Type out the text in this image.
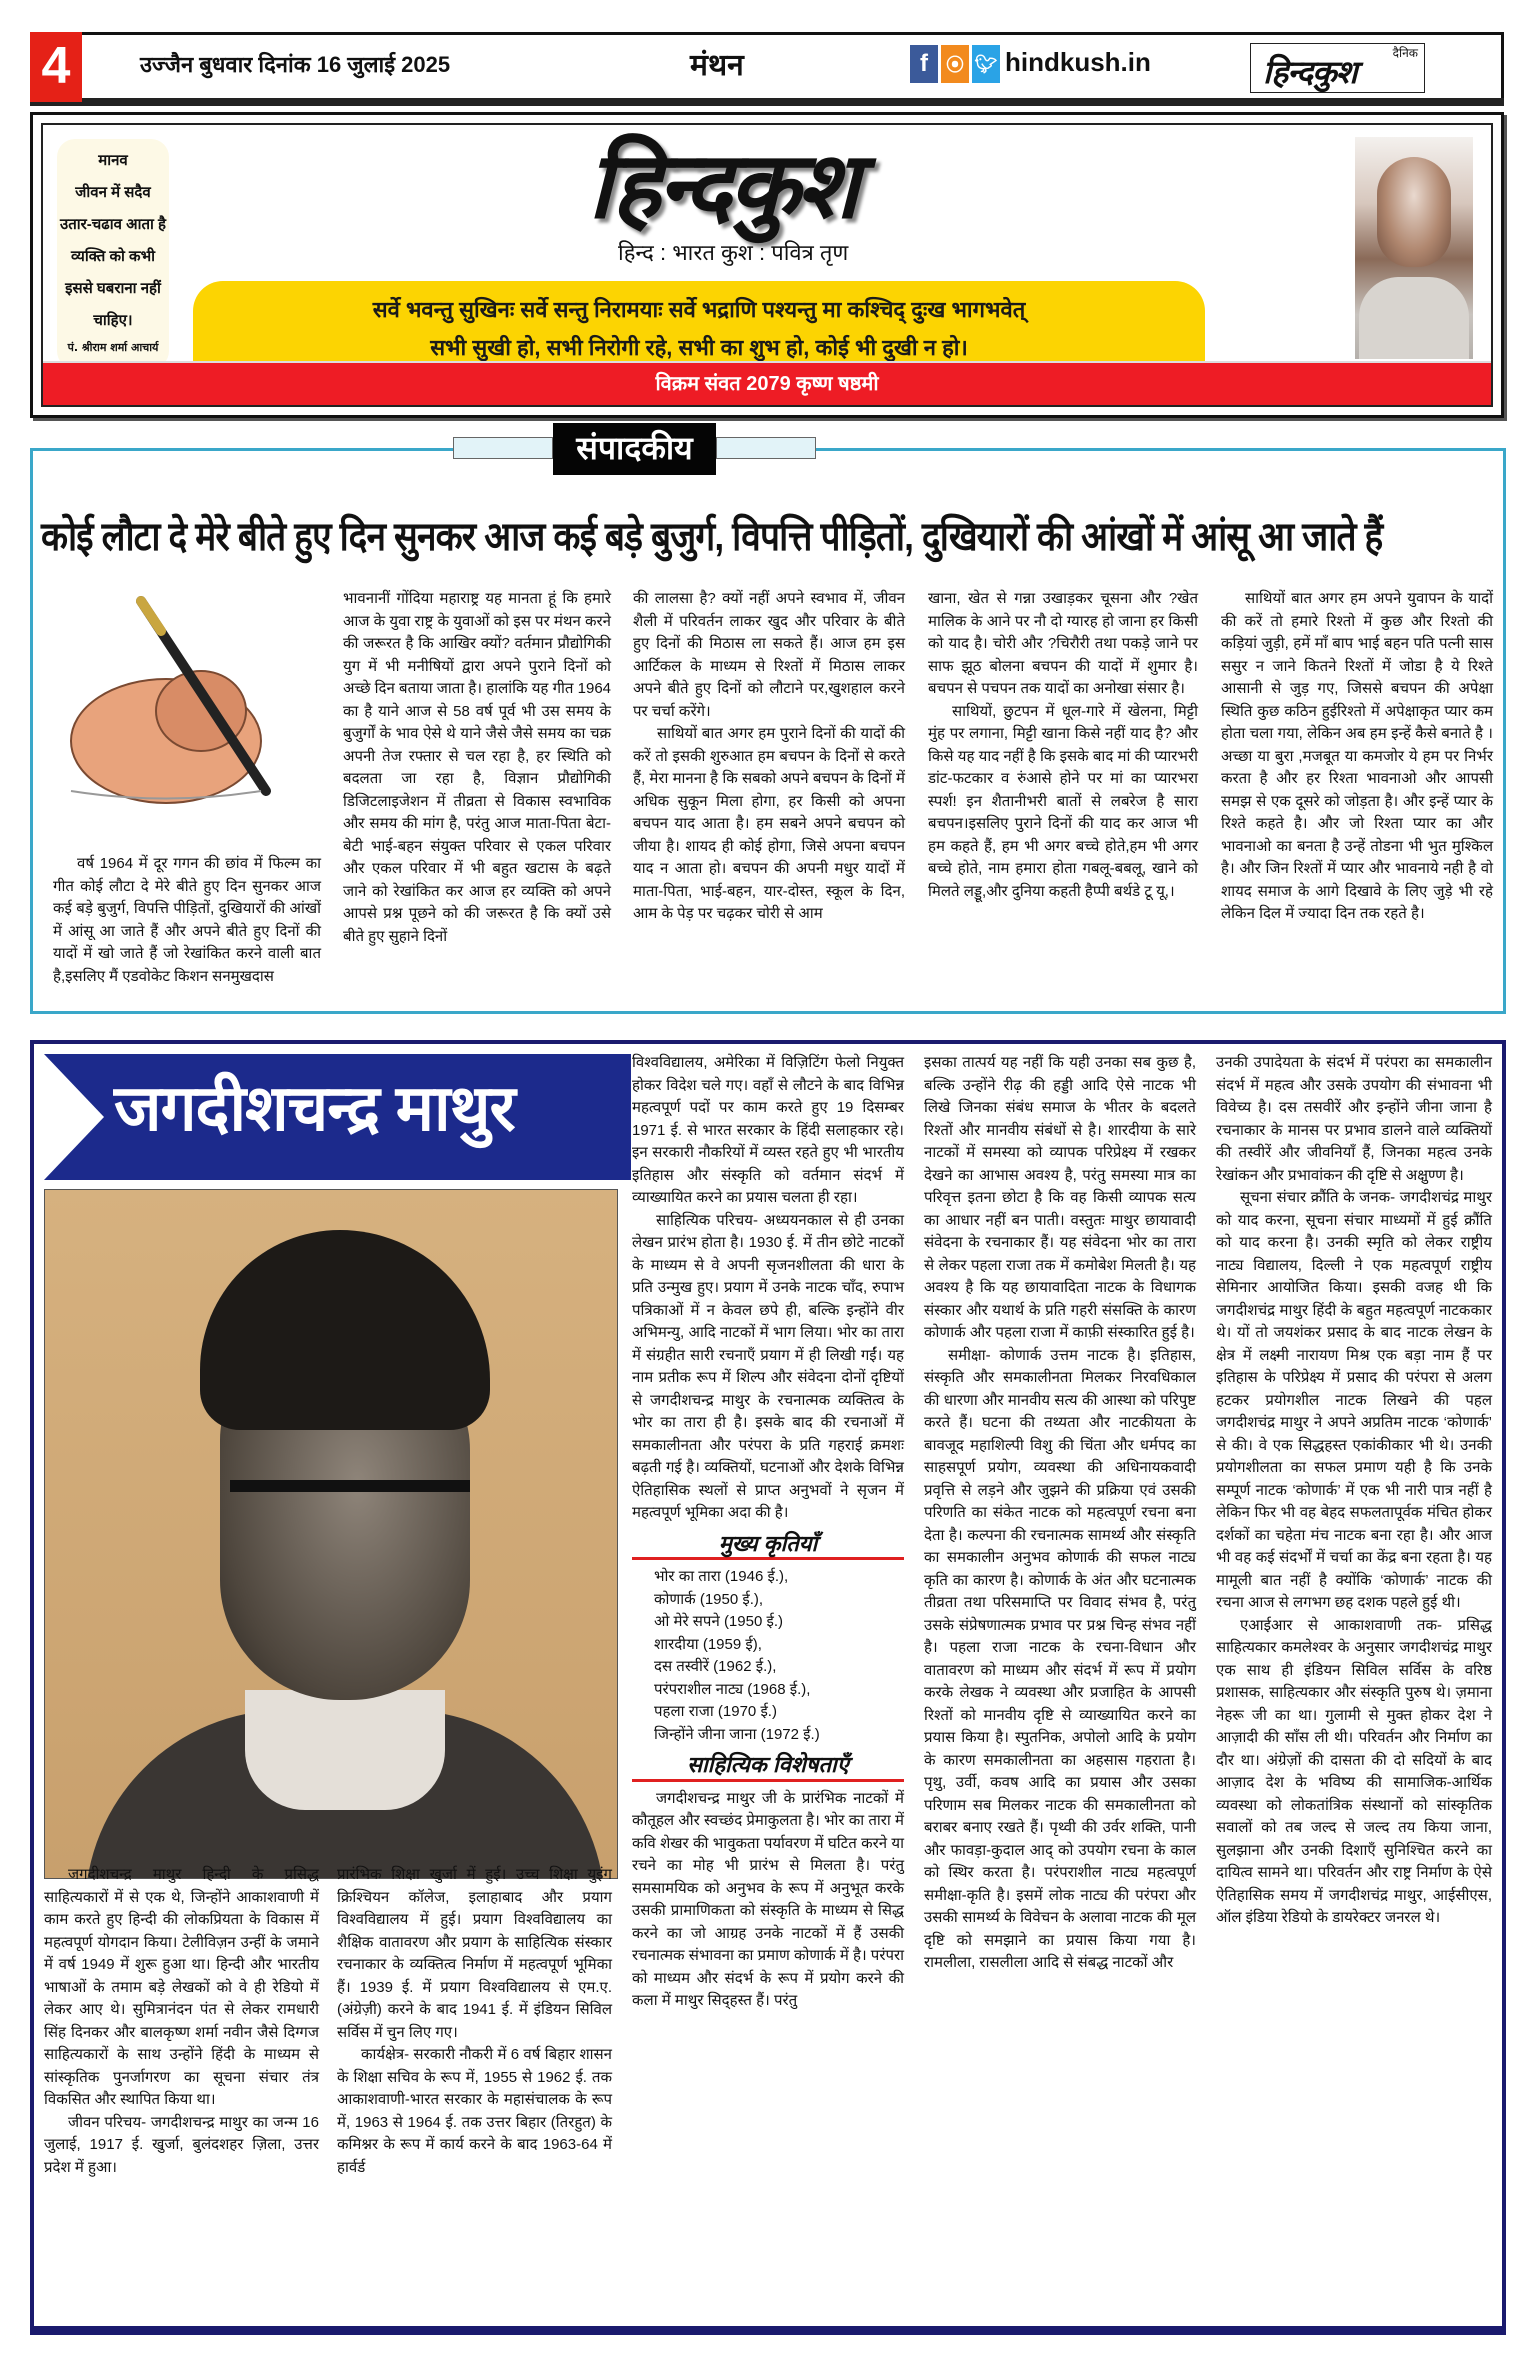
4	उज्जैन बुधवार दिनांक 16 जुलाई 2025	मंथन	f	⦿ 🐦︎ hindkush.in	दैनिक
हिन्दकुश
मानव
जीवन में सदैव
उतार-चढाव आता है
व्यक्ति को कभी
इससे घबराना नहीं
चाहिए।
पं. श्रीराम शर्मा आचार्य
हिन्दकुश
हिन्द : भारत कुश : पवित्र तृण
सर्वे भवन्तु सुखिनः सर्वे सन्तु निरामयाः सर्वे भद्राणि पश्यन्तु मा कश्चिद् दुःख भागभवेत्
सभी सुखी हो, सभी निरोगी रहे, सभी का शुभ हो, कोई भी दुखी न हो।
विक्रम संवत 2079 कृष्ण षष्ठमी
संपादकीय
कोई लौटा दे मेरे बीते हुए दिन सुनकर आज कई बड़े बुजुर्ग, विपत्ति पीड़ितों, दुखियारों की आंखों में आंसू आ जाते हैं

वर्ष 1964 में दूर गगन की छांव में फिल्म का गीत कोई लौटा दे मेरे बीते हुए दिन सुनकर आज कई बड़े बुजुर्ग, विपत्ति पीड़ितों, दुखियारों की आंखों में आंसू आ जाते हैं और अपने बीते हुए दिनों की यादों में खो जाते हैं जो रेखांकित करने वाली बात है,इसलिए मैं एडवोकेट किशन सनमुखदास

भावनानीं गोंदिया महाराष्ट्र यह मानता हूं कि हमारे आज के युवा राष्ट्र के युवाओं को इस पर मंथन करने की जरूरत है कि आखिर क्यों? वर्तमान प्रौद्योगिकी युग में भी मनीषियों द्वारा अपने पुराने दिनों को अच्छे दिन बताया जाता है। हालांकि यह गीत 1964 का है याने आज से 58 वर्ष पूर्व भी उस समय के बुजुर्गों के भाव ऐसे थे याने जैसे जैसे समय का चक्र अपनी तेज रफ्तार से चल रहा है, हर स्थिति को बदलता जा रहा है, विज्ञान प्रौद्योगिकी डिजिटलाइजेशन में तीव्रता से विकास स्वभाविक और समय की मांग है, परंतु आज माता-पिता बेटा-बेटी भाई-बहन संयुक्त परिवार से एकल परिवार और एकल परिवार में भी बहुत खटास के बढ़ते जाने को रेखांकित कर आज हर व्यक्ति को अपने आपसे प्रश्न पूछने को की जरूरत है कि क्यों उसे बीते हुए सुहाने दिनों

की लालसा है? क्यों नहीं अपने स्वभाव में, जीवन शैली में परिवर्तन लाकर खुद और परिवार के बीते हुए दिनों की मिठास ला सकते हैं। आज हम इस आर्टिकल के माध्यम से रिश्तों में मिठास लाकर अपने बीते हुए दिनों को लौटाने पर,खुशहाल करने पर चर्चा करेंगे।

साथियों बात अगर हम पुराने दिनों की यादों की करें तो इसकी शुरुआत हम बचपन के दिनों से करते हैं, मेरा मानना है कि सबको अपने बचपन के दिनों में अधिक सुकून मिला होगा, हर किसी को अपना बचपन याद आता है। हम सबने अपने बचपन को जीया है। शायद ही कोई होगा, जिसे अपना बचपन याद न आता हो। बचपन की अपनी मधुर यादों में माता-पिता, भाई-बहन, यार-दोस्त, स्कूल के दिन, आम के पेड़ पर चढ़कर चोरी से आम

खाना, खेत से गन्ना उखाड़कर चूसना और ?खेत मालिक के आने पर नौ दो ग्यारह हो जाना हर किसी को याद है। चोरी और ?चिरौरी तथा पकड़े जाने पर साफ झूठ बोलना बचपन की यादों में शुमार है। बचपन से पचपन तक यादों का अनोखा संसार है।

साथियों, छुटपन में धूल-गारे में खेलना, मिट्टी मुंह पर लगाना, मिट्टी खाना किसे नहीं याद है? और किसे यह याद नहीं है कि इसके बाद मां की प्यारभरी डांट-फटकार व रुंआसे होने पर मां का प्यारभरा स्पर्श! इन शैतानीभरी बातों से लबरेज है सारा बचपन।इसलिए पुराने दिनों की याद कर आज भी हम कहते हैं, हम भी अगर बच्चे होते,हम भी अगर बच्चे होते, नाम हमारा होता गबलू-बबलू, खाने को मिलते लड्डू,और दुनिया कहती हैप्पी बर्थडे टू यू,।

साथियों बात अगर हम अपने युवापन के यादों की करें तो हमारे रिश्तो में कुछ और रिश्तो की कड़ियां जुड़ी, हमें माँ बाप भाई बहन पति पत्नी सास ससुर न जाने कितने रिश्तों में जोडा है ये रिश्ते आसानी से जुड़ गए, जिससे बचपन की अपेक्षा स्थिति कुछ कठिन हुईरिश्तो में अपेक्षाकृत प्यार कम होता चला गया, लेकिन अब हम इन्हें कैसे बनाते है ।अच्छा या बुरा ,मजबूत या कमजोर ये हम पर निर्भर करता है और हर रिश्ता भावनाओ और आपसी समझ से एक दूसरे को जोड़ता है। और इन्हें प्यार के रिश्ते कहते है। और जो रिश्ता प्यार का और भावनाओ का बनता है उन्हें तोडना भी भुत मुश्किल है। और जिन रिश्तों में प्यार और भावनाये नही है वो शायद समाज के आगे दिखावे के लिए जुड़े भी रहे लेकिन दिल में ज्यादा दिन तक रहते है।

जगदीशचन्द्र माथुर

जगदीशचन्द्र माथुर हिन्दी के प्रसिद्ध साहित्यकारों में से एक थे, जिन्होंने आकाशवाणी में काम करते हुए हिन्दी की लोकप्रियता के विकास में महत्वपूर्ण योगदान किया। टेलीविज़न उन्हीं के जमाने में वर्ष 1949 में शुरू हुआ था। हिन्दी और भारतीय भाषाओं के तमाम बड़े लेखकों को वे ही रेडियो में लेकर आए थे। सुमित्रानंदन पंत से लेकर रामधारी सिंह दिनकर और बालकृष्ण शर्मा नवीन जैसे दिग्गज साहित्यकारों के साथ उन्होंने हिंदी के माध्यम से सांस्कृतिक पुनर्जागरण का सूचना संचार तंत्र विकसित और स्थापित किया था।

जीवन परिचय- जगदीशचन्द्र माथुर का जन्म 16 जुलाई, 1917 ई. खुर्जा, बुलंदशहर ज़िला, उत्तर प्रदेश में हुआ।

प्रारंभिक शिक्षा खुर्जा में हुई। उच्च शिक्षा युइंग क्रिश्चियन कॉलेज, इलाहाबाद और प्रयाग विश्वविद्यालय में हुई। प्रयाग विश्वविद्यालय का शैक्षिक वातावरण और प्रयाग के साहित्यिक संस्कार रचनाकार के व्यक्तित्व निर्माण में महत्वपूर्ण भूमिका हैं। 1939 ई. में प्रयाग विश्वविद्यालय से एम.ए. (अंग्रेज़ी) करने के बाद 1941 ई. में इंडियन सिविल सर्विस में चुन लिए गए।

कार्यक्षेत्र- सरकारी नौकरी में 6 वर्ष बिहार शासन के शिक्षा सचिव के रूप में, 1955 से 1962 ई. तक आकाशवाणी-भारत सरकार के महासंचालक के रूप में, 1963 से 1964 ई. तक उत्तर बिहार (तिरहुत) के कमिश्नर के रूप में कार्य करने के बाद 1963-64 में हार्वर्ड

विश्वविद्यालय, अमेरिका में विज़िटिंग फेलो नियुक्त होकर विदेश चले गए। वहाँ से लौटने के बाद विभिन्न महत्वपूर्ण पदों पर काम करते हुए 19 दिसम्बर 1971 ई. से भारत सरकार के हिंदी सलाहकार रहे। इन सरकारी नौकरियों में व्यस्त रहते हुए भी भारतीय इतिहास और संस्कृति को वर्तमान संदर्भ में व्याख्यायित करने का प्रयास चलता ही रहा।

साहित्यिक परिचय- अध्ययनकाल से ही उनका लेखन प्रारंभ होता है। 1930 ई. में तीन छोटे नाटकों के माध्यम से वे अपनी सृजनशीलता की धारा के प्रति उन्मुख हुए। प्रयाग में उनके नाटक चाँद, रुपाभ पत्रिकाओं में न केवल छपे ही, बल्कि इन्होंने वीर अभिमन्यु, आदि नाटकों में भाग लिया। भोर का तारा में संग्रहीत सारी रचनाएँ प्रयाग में ही लिखी गईं। यह नाम प्रतीक रूप में शिल्प और संवेदना दोनों दृष्टियों से जगदीशचन्द्र माथुर के रचनात्मक व्यक्तित्व के भोर का तारा ही है। इसके बाद की रचनाओं में समकालीनता और परंपरा के प्रति गहराई क्रमशः बढ़ती गई है। व्यक्तियों, घटनाओं और देशके विभिन्न ऐतिहासिक स्थलों से प्राप्त अनुभवों ने सृजन में महत्वपूर्ण भूमिका अदा की है।

मुख्य कृतियाँ
भोर का तारा (1946 ई.),
कोणार्क (1950 ई.),
ओ मेरे सपने (1950 ई.)
शारदीया (1959 ई),
दस तस्वीरें (1962 ई.),
परंपराशील नाट्य (1968 ई.),
पहला राजा (1970 ई.)
जिन्होंने जीना जाना (1972 ई.)
साहित्यिक विशेषताएँ

जगदीशचन्द्र माथुर जी के प्रारंभिक नाटकों में कौतूहल और स्वच्छंद प्रेमाकुलता है। भोर का तारा में कवि शेखर की भावुकता पर्यावरण में घटित करने या रचने का मोह भी प्रारंभ से मिलता है। परंतु समसामयिक को अनुभव के रूप में अनुभूत करके उसकी प्रामाणिकता को संस्कृति के माध्यम से सिद्ध करने का जो आग्रह उनके नाटकों में हैं उसकी रचनात्मक संभावना का प्रमाण कोणार्क में है। परंपरा को माध्यम और संदर्भ के रूप में प्रयोग करने की कला में माथुर सिद्हस्त हैं। परंतु

इसका तात्पर्य यह नहीं कि यही उनका सब कुछ है, बल्कि उन्होंने रीढ़ की हड्डी आदि ऐसे नाटक भी लिखे जिनका संबंध समाज के भीतर के बदलते रिश्तों और मानवीय संबंधों से है। शारदीया के सारे नाटकों में समस्या को व्यापक परिप्रेक्ष्य में रखकर देखने का आभास अवश्य है, परंतु समस्या मात्र का परिवृत्त इतना छोटा है कि वह किसी व्यापक सत्य का आधार नहीं बन पाती। वस्तुतः माथुर छायावादी संवेदना के रचनाकार हैं। यह संवेदना भोर का तारा से लेकर पहला राजा तक में कमोबेश मिलती है। यह अवश्य है कि यह छायावादिता नाटक के विधागक संस्कार और यथार्थ के प्रति गहरी संसक्ति के कारण कोणार्क और पहला राजा में काफ़ी संस्कारित हुई है।

समीक्षा- कोणार्क उत्तम नाटक है। इतिहास, संस्कृति और समकालीनता मिलकर निरवधिकाल की धारणा और मानवीय सत्य की आस्था को परिपुष्ट करते हैं। घटना की तथ्यता और नाटकीयता के बावजूद महाशिल्पी विशु की चिंता और धर्मपद का साहसपूर्ण प्रयोग, व्यवस्था की अधिनायकवादी प्रवृत्ति से लड़ने और जुझने की प्रक्रिया एवं उसकी परिणति का संकेत नाटक को महत्वपूर्ण रचना बना देता है। कल्पना की रचनात्मक सामर्थ्य और संस्कृति का समकालीन अनुभव कोणार्क की सफल नाट्य कृति का कारण है। कोणार्क के अंत और घटनात्मक तीव्रता तथा परिसमाप्ति पर विवाद संभव है, परंतु उसके संप्रेषणात्मक प्रभाव पर प्रश्न चिन्ह संभव नहीं है। पहला राजा नाटक के रचना-विधान और वातावरण को माध्यम और संदर्भ में रूप में प्रयोग करके लेखक ने व्यवस्था और प्रजाहित के आपसी रिश्तों को मानवीय दृष्टि से व्याख्यायित करने का प्रयास किया है। स्पुतनिक, अपोलो आदि के प्रयोग के कारण समकालीनता का अहसास गहराता है। पृथु, उर्वी, कवष आदि का प्रयास और उसका परिणाम सब मिलकर नाटक की समकालीनता को बराबर बनाए रखते हैं। पृथ्वी की उर्वर शक्ति, पानी और फावड़ा-कुदाल आद् को उपयोग रचना के काल को स्थिर करता है। परंपराशील नाट्य महत्वपूर्ण समीक्षा-कृति है। इसमें लोक नाट्य की परंपरा और उसकी सामर्थ्य के विवेचन के अलावा नाटक की मूल दृष्टि को समझाने का प्रयास किया गया है। रामलीला, रासलीला आदि से संबद्ध नाटकों और

उनकी उपादेयता के संदर्भ में परंपरा का समकालीन संदर्भ में महत्व और उसके उपयोग की संभावना भी विवेच्य है। दस तसवीरें और इन्होंने जीना जाना है रचनाकार के मानस पर प्रभाव डालने वाले व्यक्तियों की तस्वीरें और जीवनियाँ हैं, जिनका महत्व उनके रेखांकन और प्रभावांकन की दृष्टि से अक्षुण्ण है।

सूचना संचार क्रौंति के जनक- जगदीशचंद्र माथुर को याद करना, सूचना संचार माध्यमों में हुई क्रौंति को याद करना है। उनकी स्मृति को लेकर राष्ट्रीय नाट्य विद्यालय, दिल्ली ने एक महत्वपूर्ण राष्ट्रीय सेमिनार आयोजित किया। इसकी वजह थी कि जगदीशचंद्र माथुर हिंदी के बहुत महत्वपूर्ण नाटककार थे। यों तो जयशंकर प्रसाद के बाद नाटक लेखन के क्षेत्र में लक्ष्मी नारायण मिश्र एक बड़ा नाम हैं पर इतिहास के परिप्रेक्ष्य में प्रसाद की परंपरा से अलग हटकर प्रयोगशील नाटक लिखने की पहल जगदीशचंद्र माथुर ने अपने अप्रतिम नाटक ‘कोणार्क’ से की। वे एक सिद्धहस्त एकांकीकार भी थे। उनकी प्रयोगशीलता का सफल प्रमाण यही है कि उनके सम्पूर्ण नाटक ‘कोणार्क’ में एक भी नारी पात्र नहीं है लेकिन फिर भी वह बेहद सफलतापूर्वक मंचित होकर दर्शकों का चहेता मंच नाटक बना रहा है। और आज भी वह कई संदर्भों में चर्चा का केंद्र बना रहता है। यह मामूली बात नहीं है क्योंकि ‘कोणार्क’ नाटक की रचना आज से लगभग छह दशक पहले हुई थी।

एआईआर से आकाशवाणी तक- प्रसिद्ध साहित्यकार कमलेश्वर के अनुसार जगदीशचंद्र माथुर एक साथ ही इंडियन सिविल सर्विस के वरिष्ठ प्रशासक, साहित्यकार और संस्कृति पुरुष थे। ज़माना नेहरू जी का था। गुलामी से मुक्त होकर देश ने आज़ादी की साँस ली थी। परिवर्तन और निर्माण का दौर था। अंग्रेज़ों की दासता की दो सदियों के बाद आज़ाद देश के भविष्य की सामाजिक-आर्थिक व्यवस्था को लोकतांत्रिक संस्थानों को सांस्कृतिक सवालों को तब जल्द से जल्द तय किया जाना, सुलझाना और उनकी दिशाएँ सुनिश्चित करने का दायित्व सामने था। परिवर्तन और राष्ट्र निर्माण के ऐसे ऐतिहासिक समय में जगदीशचंद्र माथुर, आईसीएस, ऑल इंडिया रेडियो के डायरेक्टर जनरल थे।
